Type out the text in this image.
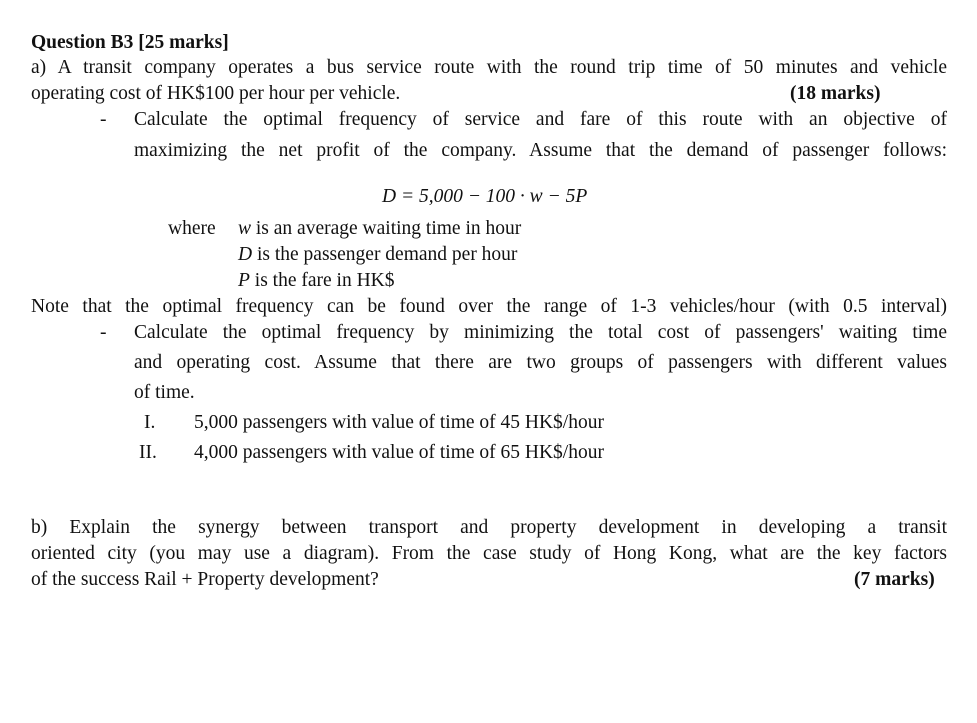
Question B3 [25 marks]
a) A transit company operates a bus service route with the round trip time of 50 minutes and vehicle
operating cost of HK$100 per hour per vehicle.	(18 marks)
- Calculate the optimal frequency of service and fare of this route with an objective of
maximizing the net profit of the company. Assume that the demand of passenger follows:
D = 5,000 − 100 · w − 5P
where w is an average waiting time in hour
D is the passenger demand per hour
P is the fare in HK$
Note that the optimal frequency can be found over the range of 1-3 vehicles/hour (with 0.5 interval)
- Calculate the optimal frequency by minimizing the total cost of passengers' waiting time
and operating cost. Assume that there are two groups of passengers with different values
of time.
I. 5,000 passengers with value of time of 45 HK$/hour
II. 4,000 passengers with value of time of 65 HK$/hour
b) Explain the synergy between transport and property development in developing a transit
oriented city (you may use a diagram). From the case study of Hong Kong, what are the key factors
of the success Rail + Property development?	(7 marks)
